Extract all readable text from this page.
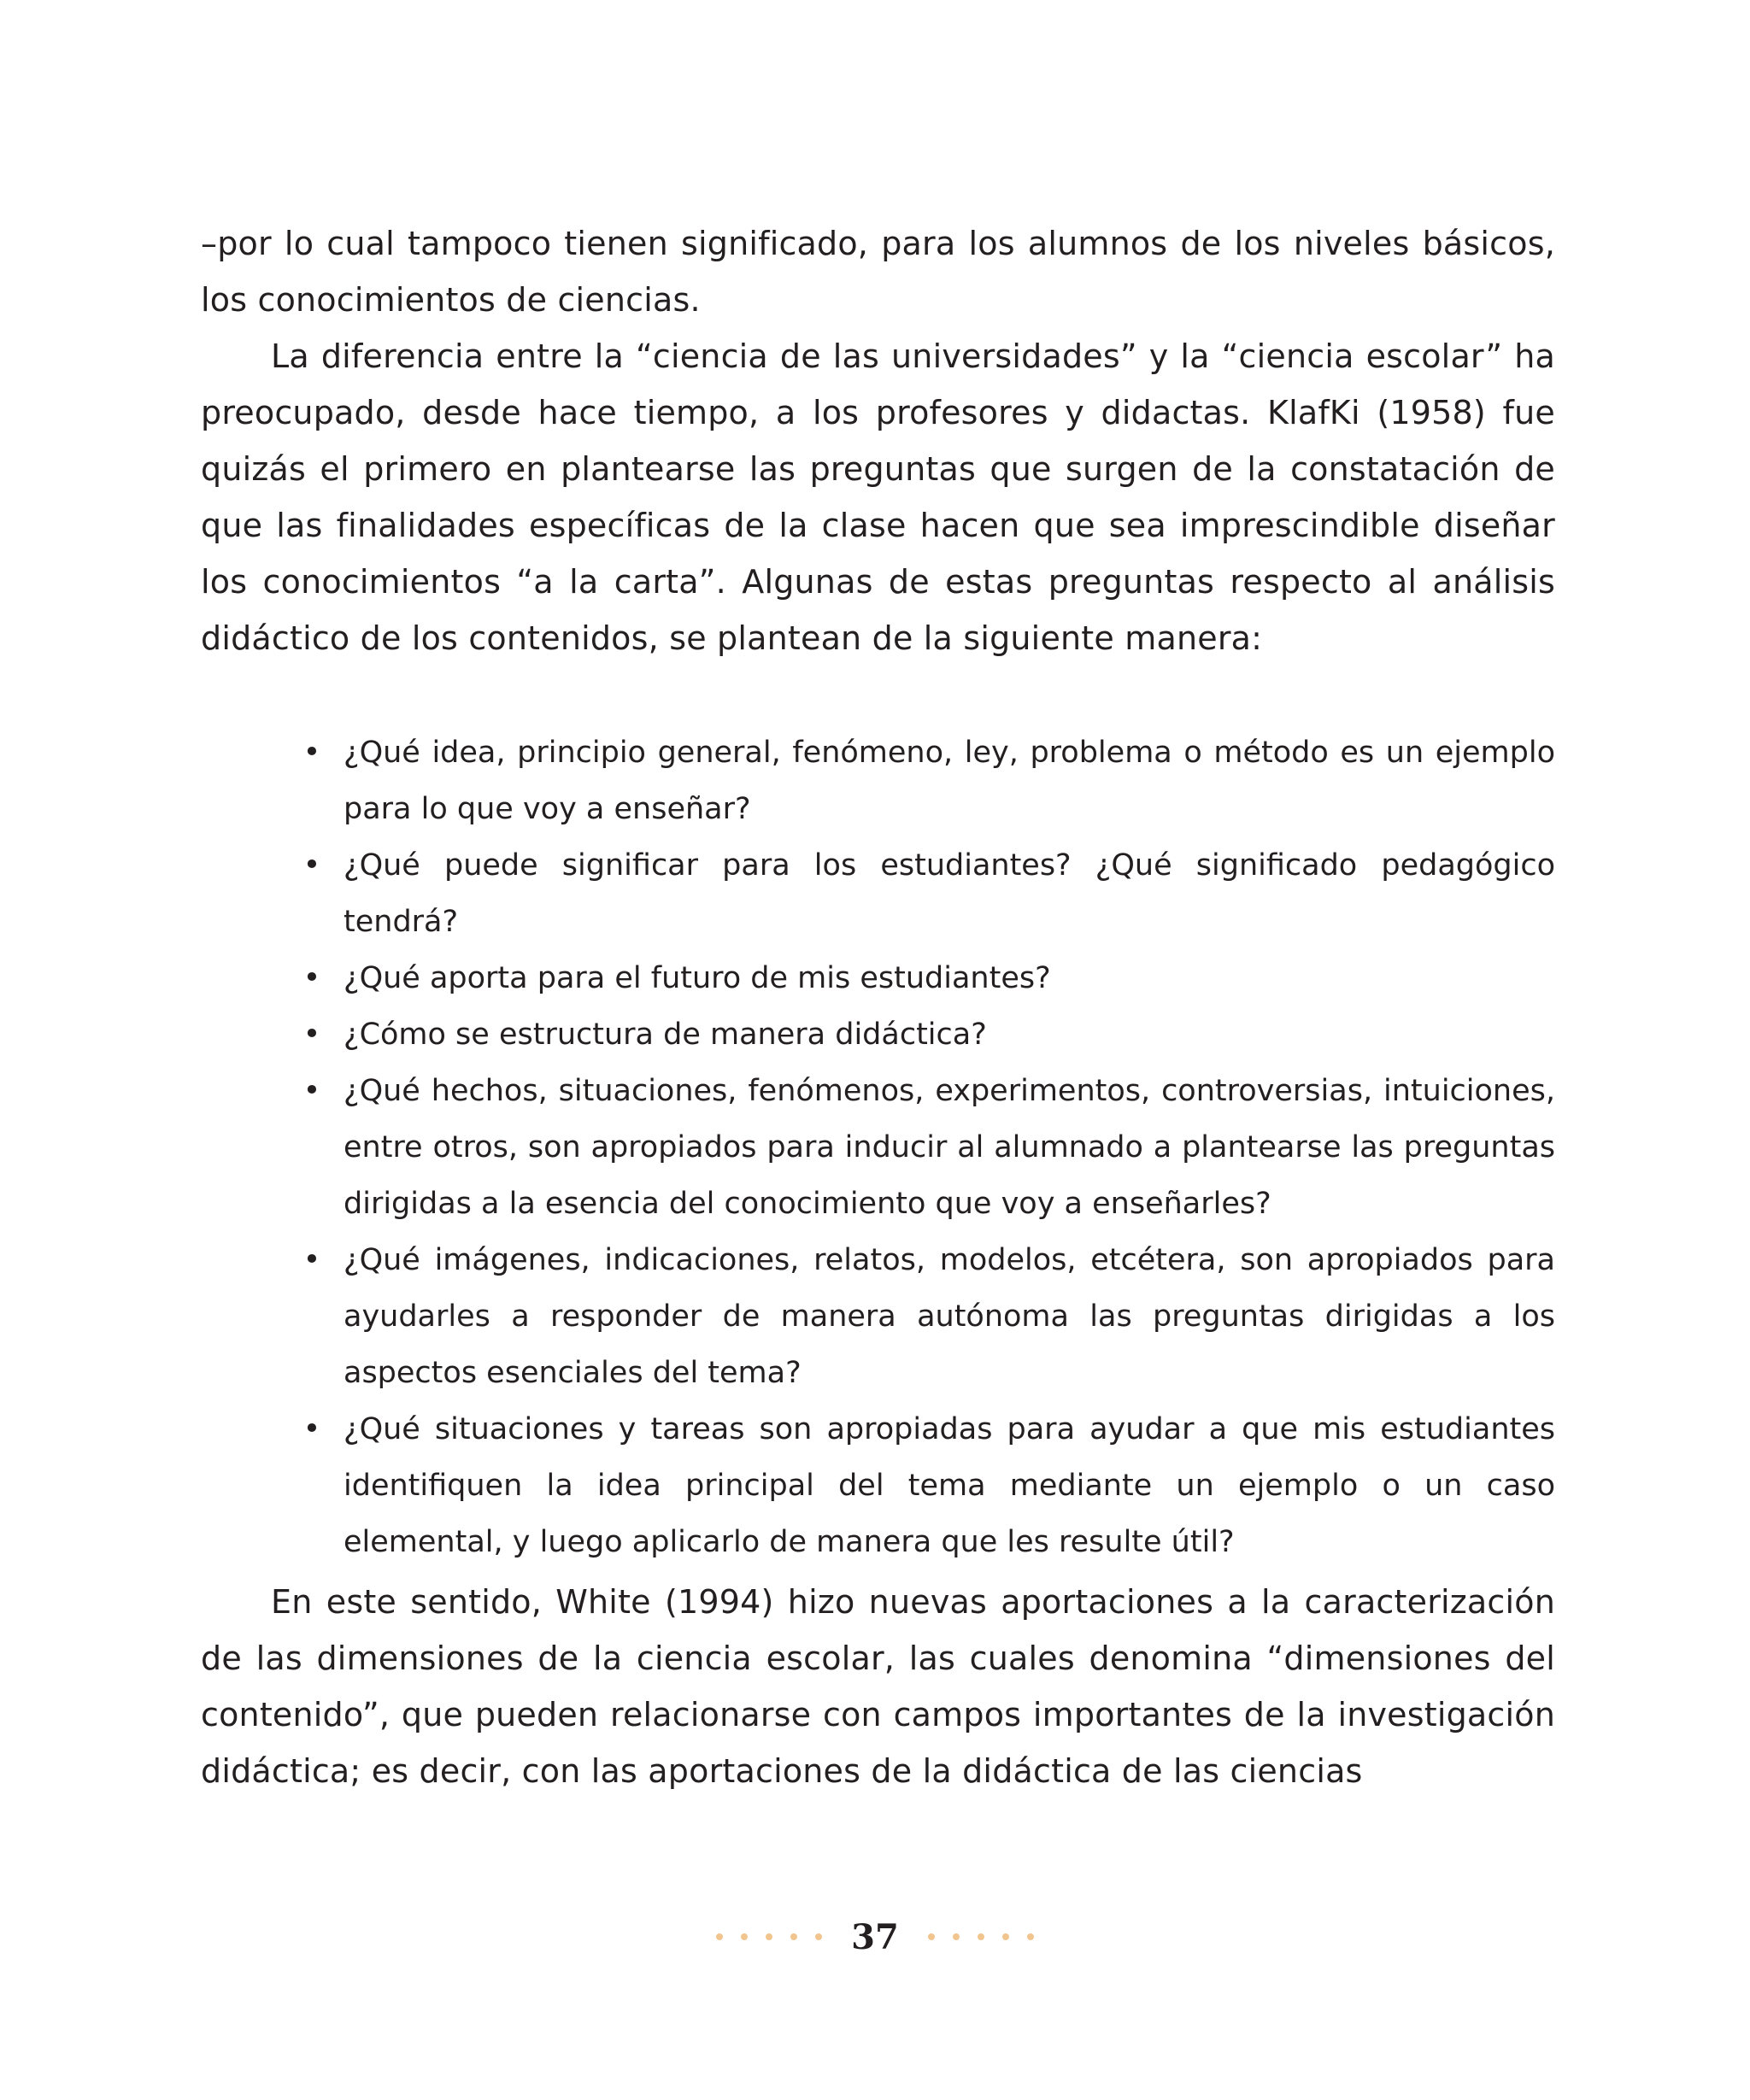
–por lo cual tampoco tienen significado, para los alumnos de los niveles básicos, los conocimientos de ciencias.

La diferencia entre la “ciencia de las universidades” y la “ciencia escolar” ha preocupado, desde hace tiempo, a los profesores y didactas. KlafKi (1958) fue quizás el primero en plantearse las preguntas que surgen de la constatación de que las finalidades específicas de la clase hacen que sea imprescindible diseñar los conocimientos “a la carta”. Algunas de estas preguntas respecto al análisis didáctico de los contenidos, se plantean de la siguiente manera:

• ¿Qué idea, principio general, fenómeno, ley, problema o método es un ejemplo para lo que voy a enseñar?
• ¿Qué puede significar para los estudiantes? ¿Qué significado pedagógico tendrá?
• ¿Qué aporta para el futuro de mis estudiantes?
• ¿Cómo se estructura de manera didáctica?
• ¿Qué hechos, situaciones, fenómenos, experimentos, controversias, intuiciones, entre otros, son apropiados para inducir al alumnado a plantearse las preguntas dirigidas a la esencia del conocimiento que voy a enseñarles?
• ¿Qué imágenes, indicaciones, relatos, modelos, etcétera, son apropiados para ayudarles a responder de manera autónoma las preguntas dirigidas a los aspectos esenciales del tema?
• ¿Qué situaciones y tareas son apropiadas para ayudar a que mis estudiantes identifiquen la idea principal del tema mediante un ejemplo o un caso elemental, y luego aplicarlo de manera que les resulte útil?

En este sentido, White (1994) hizo nuevas aportaciones a la caracterización de las dimensiones de la ciencia escolar, las cuales denomina “dimensiones del contenido”, que pueden relacionarse con campos importantes de la investigación didáctica; es decir, con las aportaciones de la didáctica de las ciencias

37
